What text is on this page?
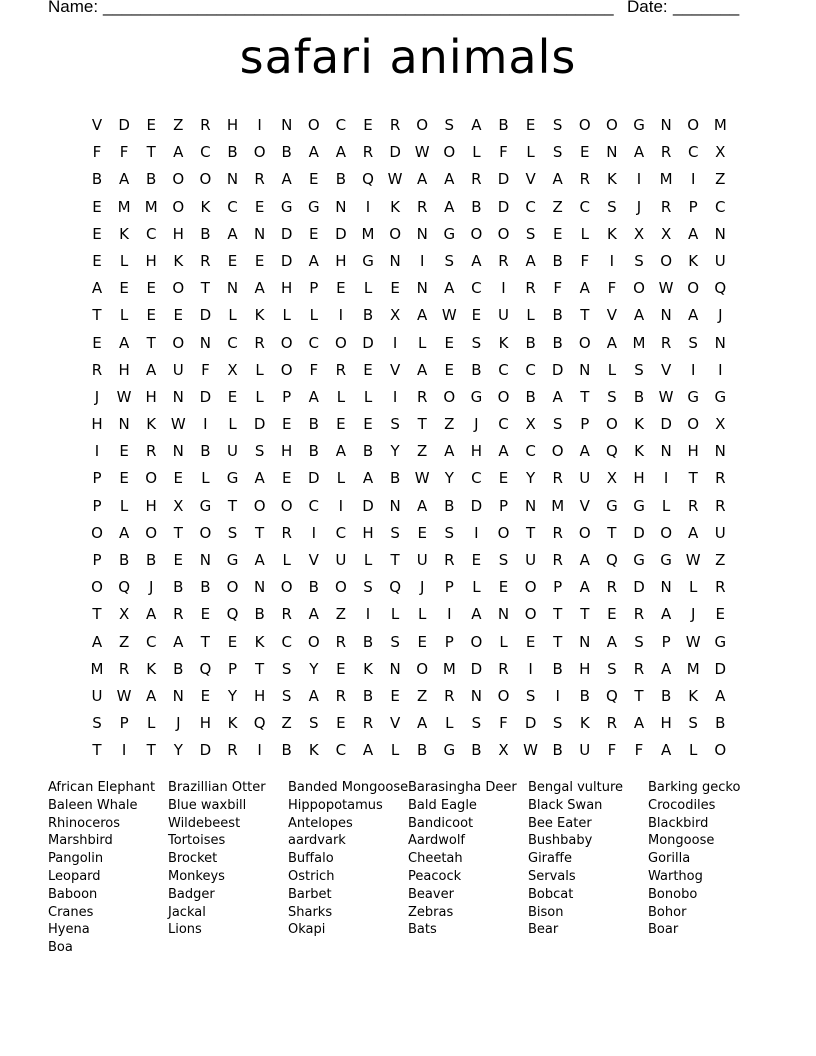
Name: ______________________________________________________ Date: _______
safari animals
V	D	E	Z	R	H	I	N	O	C	E	R	O	S	A	B	E	S	O	O	G	N	O M
F	F	T	A	C	B	O	B	A	A	R	D W O	L	F	L	S	E	N	A	R	C	X
B	A	B	O	O	N	R	A	E	B	Q W A	A	R	D	V	A	R	K	I	M	I	Z
E	M M O	K	C	E	G	G	N	I	K	R	A	B	D	C	Z	C	S	J	R	P	C
E	K	C	H	B	A	N	D	E	D M O	N	G	O	O	S	E	L	K	X	X	A	N
E	L	H	K	R	E	E	D	A	H	G	N	I	S	A	R	A	B	F	I	S	O	K	U
A	E	E	O	T	N	A	H	P	E	L	E	N	A	C	I	R	F	A	F	O W O	Q
T	L	E	E	D	L	K	L	L	I	B	X	A W E	U	L	B	T	V	A	N	A	J
E	A	T	O	N	C	R	O	C	O	D	I	L	E	S	K	B	B	O	A	M	R	S	N
R	H	A	U	F	X	L	O	F	R	E	V	A	E	B	C	C	D	N	L	S	V	I	I
J	W H	N	D	E	L	P	A	L	L	I	R	O	G	O	B	A	T	S	B W G	G
H	N	K W	I	L	D	E	B	E	E	S	T	Z	J	C	X	S	P	O	K	D	O	X
I	E	R	N	B	U	S	H	B	A	B	Y	Z	A	H	A	C	O	A	Q	K	N	H	N
P	E	O	E	L	G	A	E	D	L	A	B W	Y	C	E	Y	R	U	X	H	I	T	R
P	L	H	X	G	T	O	O	C	I	D	N	A	B	D	P	N	M	V	G	G	L	R	R
O	A	O	T	O	S	T	R	I	C	H	S	E	S	I	O	T	R	O	T	D	O	A	U
P	B	B	E	N	G	A	L	V	U	L	T	U	R	E	S	U	R	A	Q	G	G W Z
O	Q	J	B	B	O	N	O	B	O	S	Q	J	P	L	E	O	P	A	R	D	N	L	R
T	X	A	R	E	Q	B	R	A	Z	I	L	L	I	A	N	O	T	T	E	R	A	J	E
A	Z	C	A	T	E	K	C	O	R	B	S	E	P	O	L	E	T	N	A	S	P	W G
M	R	K	B	Q	P	T	S	Y	E	K	N	O M D	R	I	B	H	S	R	A	M D
U W A	N	E	Y	H	S	A	R	B	E	Z	R	N	O	S	I	B	Q	T	B	K	A
S	P	L	J	H	K	Q	Z	S	E	R	V	A	L	S	F	D	S	K	R	A	H	S	B
T	I	T	Y	D	R	I	B	K	C	A	L	B	G	B	X W B	U	F	F	A	L	O
African Elephant
Baleen Whale
Rhinoceros
Marshbird
Pangolin
Leopard
Baboon
Cranes
Hyena
Boa
Brazillian Otter
Blue waxbill
Wildebeest
Tortoises
Brocket
Monkeys
Badger
Jackal
Lions
Banded Mongoose
Hippopotamus
Antelopes
aardvark
Buffalo
Ostrich
Barbet
Sharks
Okapi
Barasingha Deer
Bald Eagle
Bandicoot
Aardwolf
Cheetah
Peacock
Beaver
Zebras
Bats
Bengal vulture
Black Swan
Bee Eater
Bushbaby
Giraffe
Servals
Bobcat
Bison
Bear
Barking gecko
Crocodiles
Blackbird
Mongoose
Gorilla
Warthog
Bonobo
Bohor
Boar
